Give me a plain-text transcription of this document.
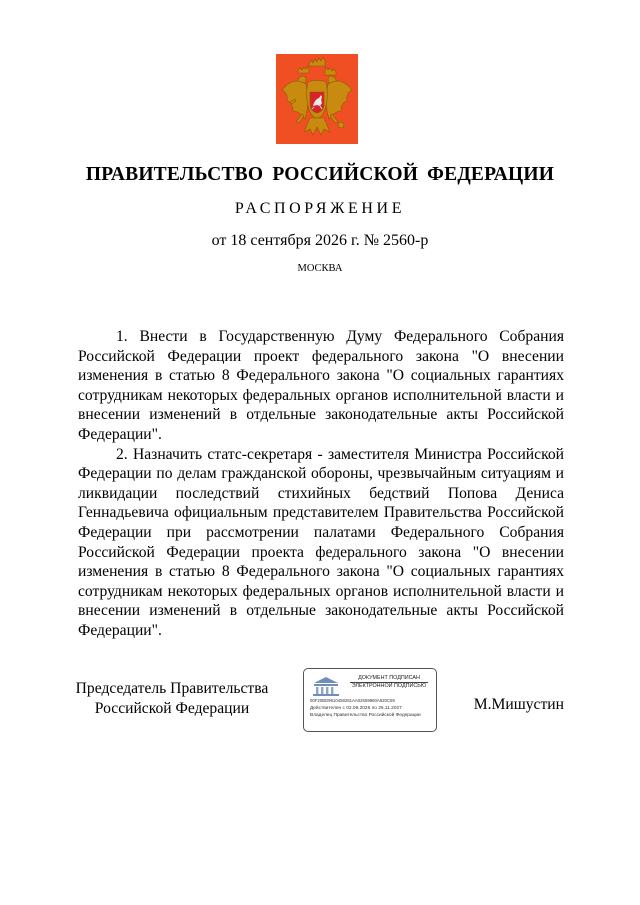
ПРАВИТЕЛЬСТВО РОССИЙСКОЙ ФЕДЕРАЦИИ
РАСПОРЯЖЕНИЕ
от 18 сентября 2026 г. № 2560-р
МОСКВА

1. Внести в Государственную Думу Федерального Собрания Российской Федерации проект федерального закона "О внесении изменения в статью 8 Федерального закона "О социальных гарантиях сотрудникам некоторых федеральных органов исполнительной власти и внесении изменений в отдельные законодательные акты Российской Федерации".

2. Назначить статс-секретаря - заместителя Министра Российской Федерации по делам гражданской обороны, чрезвычайным ситуациям и ликвидации последствий стихийных бедствий Попова Дениса Геннадьевича официальным представителем Правительства Российской Федерации при рассмотрении палатами Федерального Собрания Российской Федерации проекта федерального закона "О внесении изменения в статью 8 Федерального закона "О социальных гарантиях сотрудникам некоторых федеральных органов исполнительной власти и внесении изменений в отдельные законодательные акты Российской Федерации".

Председатель Правительства
Российской Федерации
ДОКУМЕНТ ПОДПИСАН
ЭЛЕКТРОННОЙ ПОДПИСЬЮ
00F20BD9910458281AA02659960A620C59
Действителен с 02.09.2026 по 26.11.2027
Владелец Правительство Российской Федерации
М.Мишустин
